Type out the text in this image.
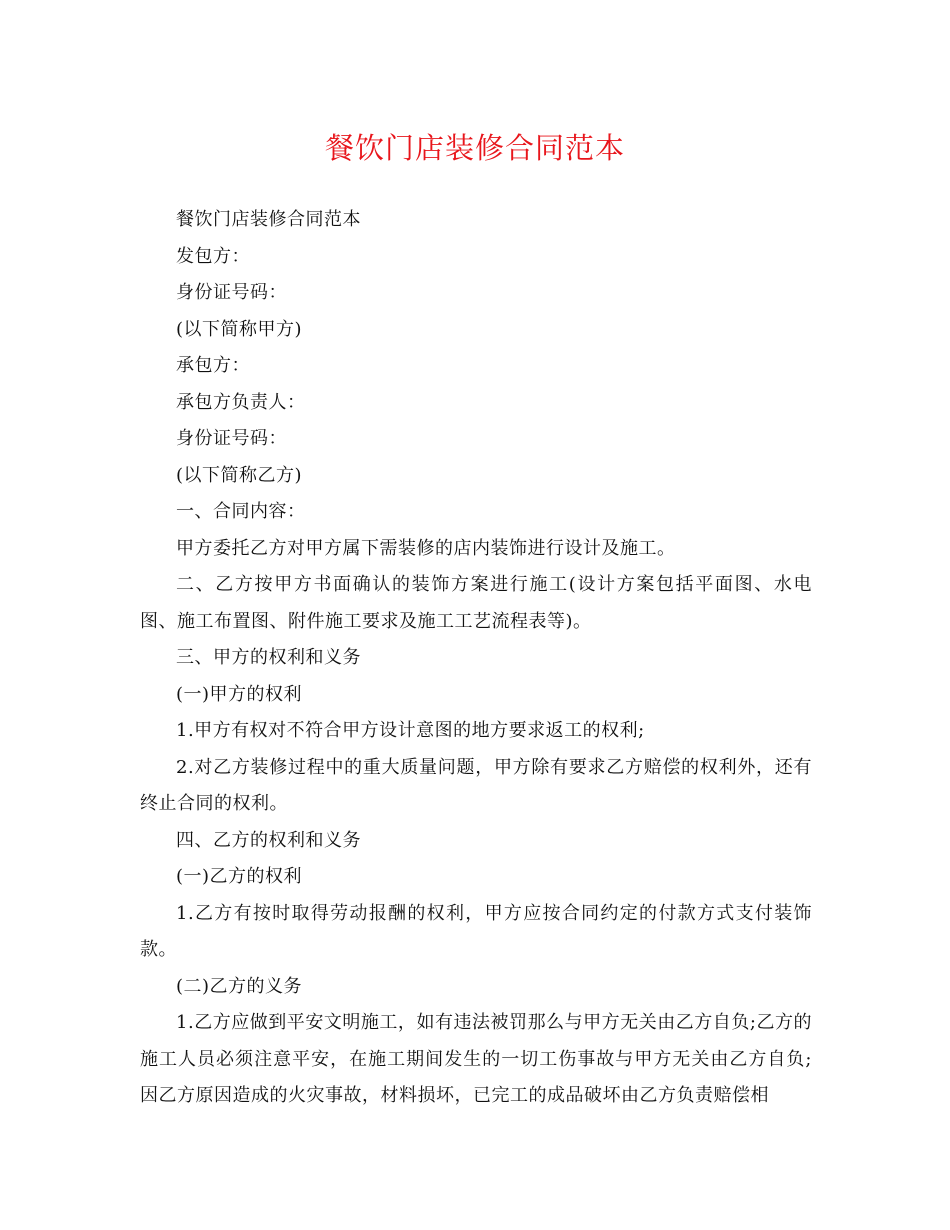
餐饮门店装修合同范本

餐饮门店装修合同范本

发包方：

身份证号码：

(以下简称甲方)

承包方：

承包方负责人：

身份证号码：

(以下简称乙方)

一、合同内容：

甲方委托乙方对甲方属下需装修的店内装饰进行设计及施工。

二、乙方按甲方书面确认的装饰方案进行施工(设计方案包括平面图、水电图、施工布置图、附件施工要求及施工工艺流程表等)。

三、甲方的权利和义务

(一)甲方的权利

1.甲方有权对不符合甲方设计意图的地方要求返工的权利;

2.对乙方装修过程中的重大质量问题，甲方除有要求乙方赔偿的权利外，还有终止合同的权利。

四、乙方的权利和义务

(一)乙方的权利

1.乙方有按时取得劳动报酬的权利，甲方应按合同约定的付款方式支付装饰款。

(二)乙方的义务

1.乙方应做到平安文明施工，如有违法被罚那么与甲方无关由乙方自负;乙方的施工人员必须注意平安，在施工期间发生的一切工伤事故与甲方无关由乙方自负;因乙方原因造成的火灾事故，材料损坏，已完工的成品破坏由乙方负责赔偿相
